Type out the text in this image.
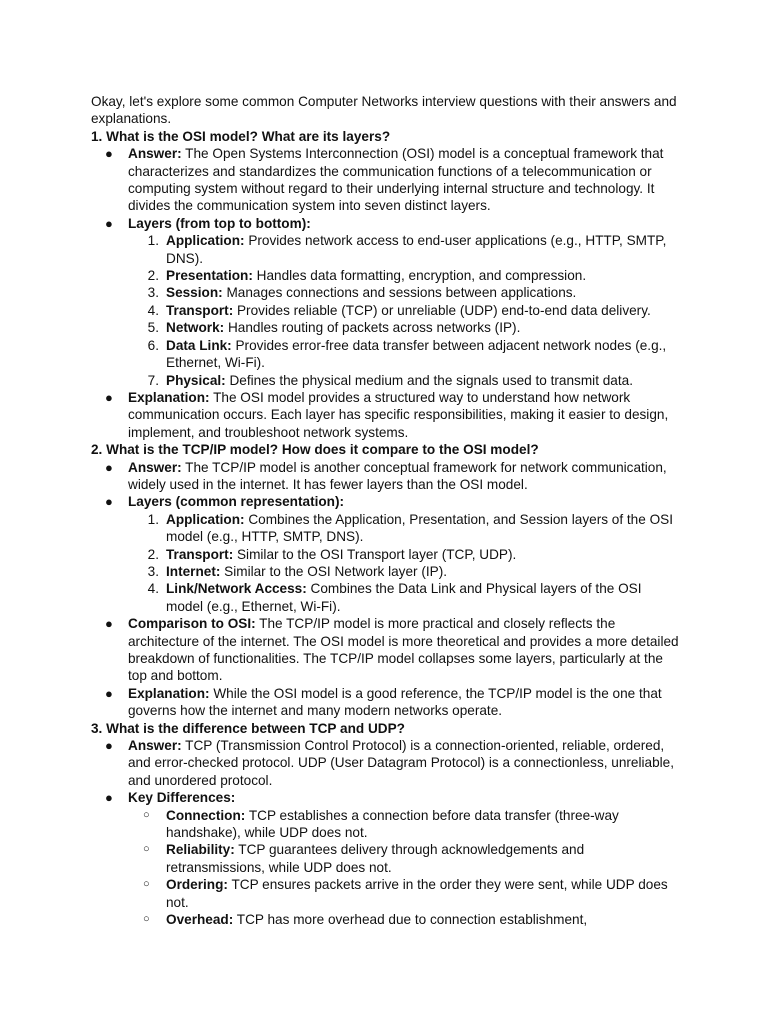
Okay, let's explore some common Computer Networks interview questions with their answers and explanations.

1. What is the OSI model? What are its layers?

● Answer: The Open Systems Interconnection (OSI) model is a conceptual framework that characterizes and standardizes the communication functions of a telecommunication or computing system without regard to their underlying internal structure and technology. It divides the communication system into seven distinct layers.
● Layers (from top to bottom):
1. Application: Provides network access to end-user applications (e.g., HTTP, SMTP, DNS).
2. Presentation: Handles data formatting, encryption, and compression.
3. Session: Manages connections and sessions between applications.
4. Transport: Provides reliable (TCP) or unreliable (UDP) end-to-end data delivery.
5. Network: Handles routing of packets across networks (IP).
6. Data Link: Provides error-free data transfer between adjacent network nodes (e.g., Ethernet, Wi-Fi).
7. Physical: Defines the physical medium and the signals used to transmit data.
● Explanation: The OSI model provides a structured way to understand how network communication occurs. Each layer has specific responsibilities, making it easier to design, implement, and troubleshoot network systems.

2. What is the TCP/IP model? How does it compare to the OSI model?

● Answer: The TCP/IP model is another conceptual framework for network communication, widely used in the internet. It has fewer layers than the OSI model.
● Layers (common representation):
1. Application: Combines the Application, Presentation, and Session layers of the OSI model (e.g., HTTP, SMTP, DNS).
2. Transport: Similar to the OSI Transport layer (TCP, UDP).
3. Internet: Similar to the OSI Network layer (IP).
4. Link/Network Access: Combines the Data Link and Physical layers of the OSI model (e.g., Ethernet, Wi-Fi).
● Comparison to OSI: The TCP/IP model is more practical and closely reflects the architecture of the internet. The OSI model is more theoretical and provides a more detailed breakdown of functionalities. The TCP/IP model collapses some layers, particularly at the top and bottom.
● Explanation: While the OSI model is a good reference, the TCP/IP model is the one that governs how the internet and many modern networks operate.

3. What is the difference between TCP and UDP?

● Answer: TCP (Transmission Control Protocol) is a connection-oriented, reliable, ordered, and error-checked protocol. UDP (User Datagram Protocol) is a connectionless, unreliable, and unordered protocol.
● Key Differences:
○ Connection: TCP establishes a connection before data transfer (three-way handshake), while UDP does not.
○ Reliability: TCP guarantees delivery through acknowledgements and retransmissions, while UDP does not.
○ Ordering: TCP ensures packets arrive in the order they were sent, while UDP does not.
○ Overhead: TCP has more overhead due to connection establishment,
